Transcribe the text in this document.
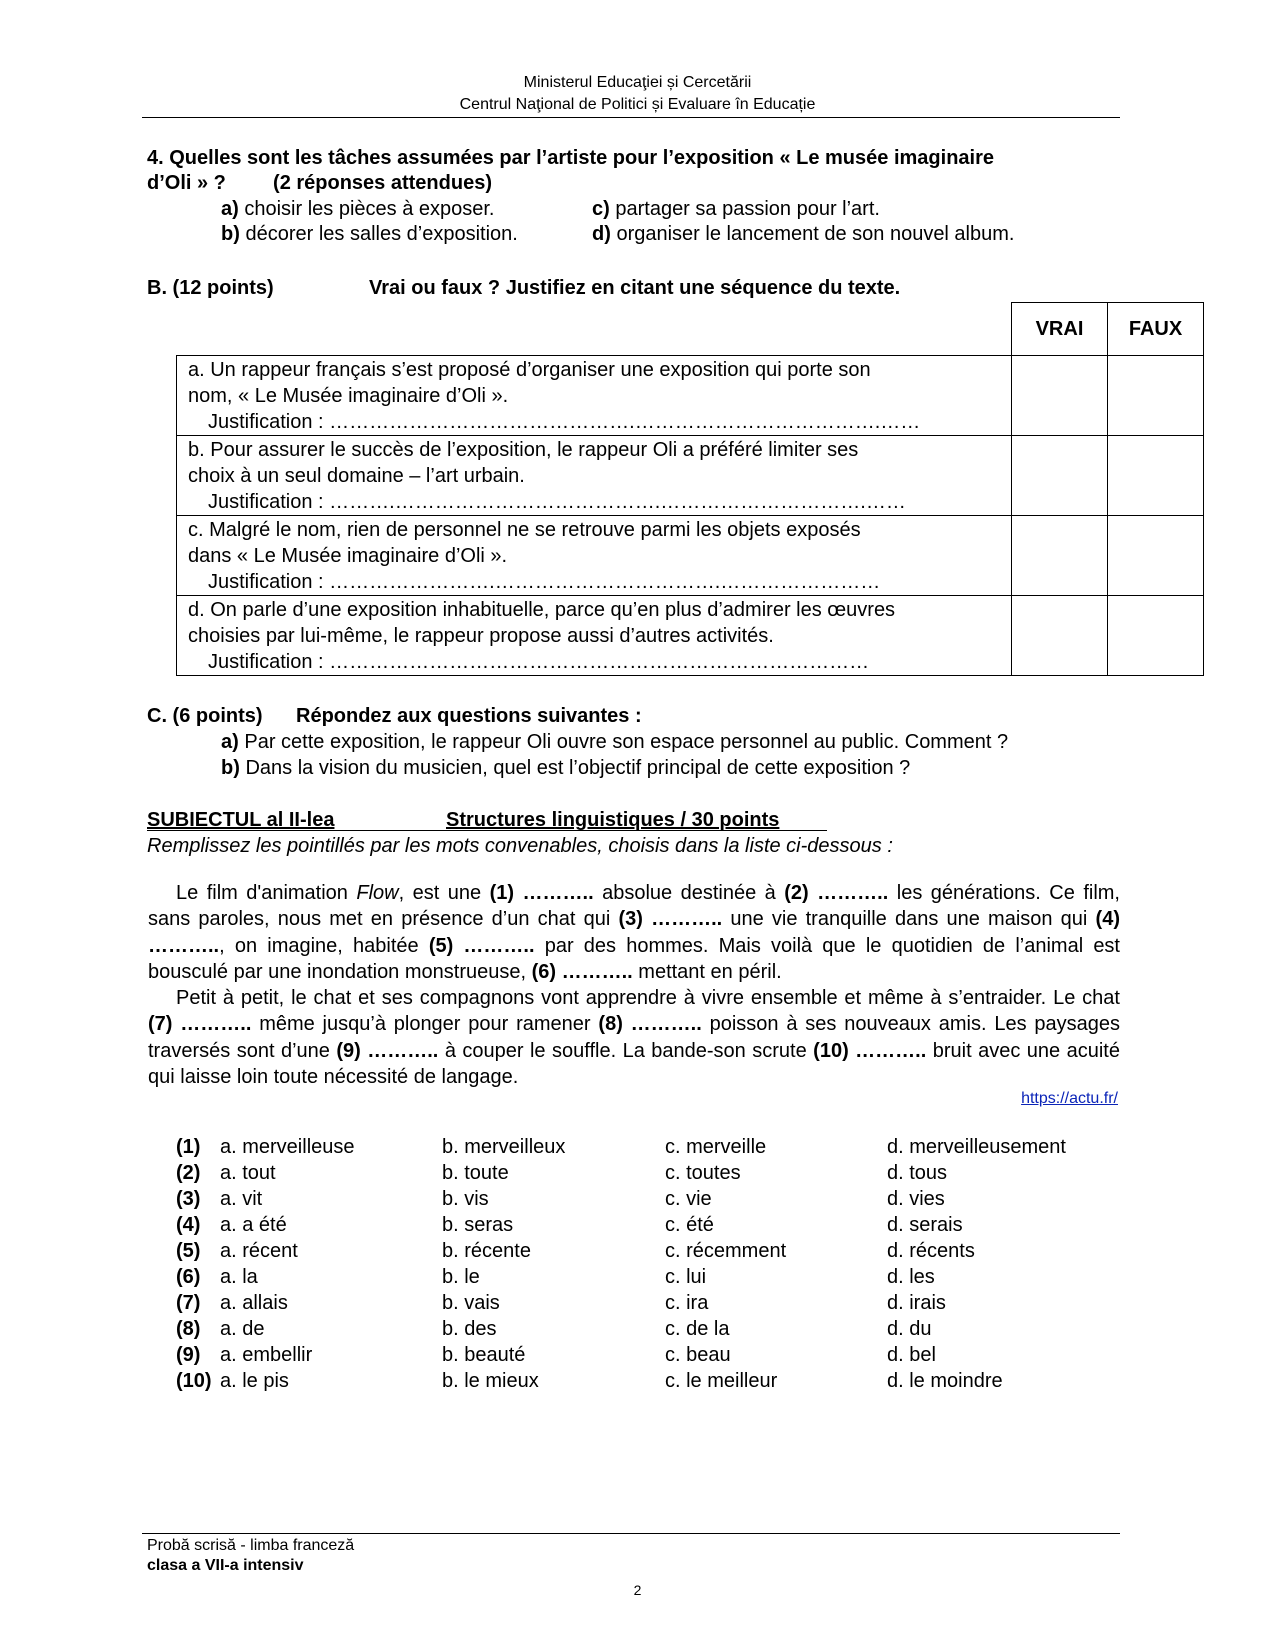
Ministerul Educaţiei și Cercetării
Centrul Naţional de Politici și Evaluare în Educație
4. Quelles sont les tâches assumées par l’artiste pour l’exposition « Le musée imaginaire
d’Oli » ? (2 réponses attendues)
a) choisir les pièces à exposer.
b) décorer les salles d’exposition.
c) partager sa passion pour l’art.
d) organiser le lancement de son nouvel album.
B. (12 points)	Vrai ou faux ? Justifiez en citant une séquence du texte.
	VRAI	FAUX
a. Un rappeur français s’est proposé d’organiser une exposition qui porte son
nom, « Le Musée imaginaire d’Oli ».
Justification : ……………………………………….……………………………….……		

b. Pour assurer le succès de l’exposition, le rappeur Oli a préféré limiter ses
choix à un seul domaine – l’art urbain.
Justification : ……….………………………………….………………………….……		

c. Malgré le nom, rien de personnel ne se retrouve parmi les objets exposés
dans « Le Musée imaginaire d’Oli ».
Justification : …………………….…………………………….……………………		

d. On parle d’une exposition inhabituelle, parce qu’en plus d’admirer les œuvres
choisies par lui-même, le rappeur propose aussi d’autres activités.
Justification : ………………………………………………………………………		

C. (6 points) Répondez aux questions suivantes :
a) Par cette exposition, le rappeur Oli ouvre son espace personnel au public. Comment ?
b) Dans la vision du musicien, quel est l’objectif principal de cette exposition ?
SUBIECTUL al II-lea	Structures linguistiques / 30 points
Remplissez les pointillés par les mots convenables, choisis dans la liste ci-dessous :
Le film d'animation Flow, est une (1) ……….. absolue destinée à (2) ……….. les générations. Ce film, sans paroles, nous met en présence d’un chat qui (3) ……….. une vie tranquille dans une maison qui (4) ……….., on imagine, habitée (5) ……….. par des hommes. Mais voilà que le quotidien de l’animal est bousculé par une inondation monstrueuse, (6) ……….. mettant en péril.
Petit à petit, le chat et ses compagnons vont apprendre à vivre ensemble et même à s’entraider. Le chat (7) ……….. même jusqu’à plonger pour ramener (8) ……….. poisson à ses nouveaux amis. Les paysages traversés sont d’une (9) ……….. à couper le souffle. La bande-son scrute (10) ……….. bruit avec une acuité qui laisse loin toute nécessité de langage.
https://actu.fr/
(1) a. merveilleuse	b. merveilleux	c. merveille	d. merveilleusement
(2) a. tout	b. toute	c. toutes	d. tous
(3) a. vit	b. vis	c. vie	d. vies
(4) a. a été	b. seras	c. été	d. serais
(5) a. récent	b. récente	c. récemment	d. récents
(6) a. la	b. le	c. lui	d. les
(7) a. allais	b. vais	c. ira	d. irais
(8) a. de	b. des	c. de la	d. du
(9) a. embellir	b. beauté	c. beau	d. bel
(10) a. le pis	b. le mieux	c. le meilleur	d. le moindre
Probă scrisă - limba franceză
clasa a VII-a intensiv
2
